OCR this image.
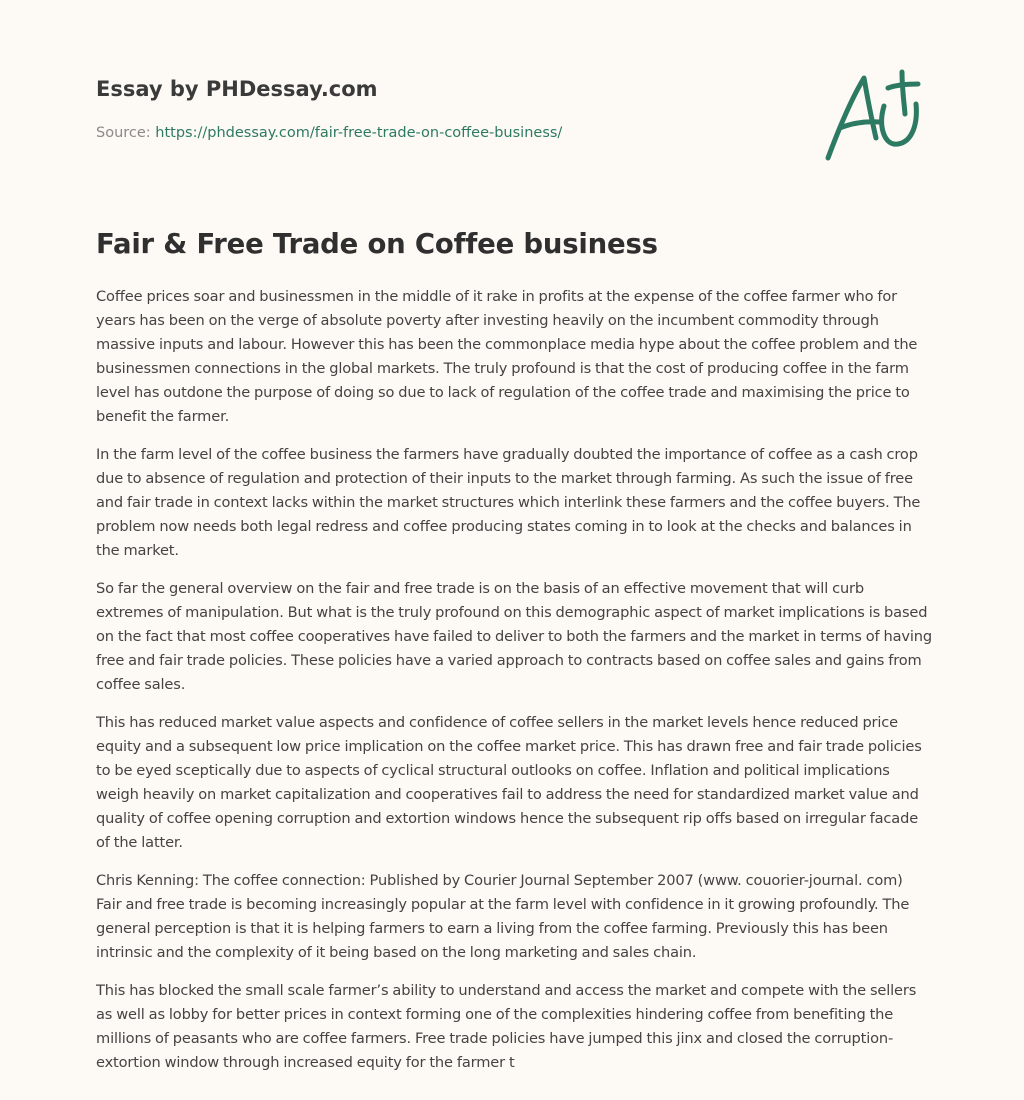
Essay by PHDessay.com
Source: https://phdessay.com/fair-free-trade-on-coffee-business/
Fair & Free Trade on Coffee business

Coffee prices soar and businessmen in the middle of it rake in profits at the expense of the coffee farmer who for years has been on the verge of absolute poverty after investing heavily on the incumbent commodity through massive inputs and labour. However this has been the commonplace media hype about the coffee problem and the businessmen connections in the global markets. The truly profound is that the cost of producing coffee in the farm level has outdone the purpose of doing so due to lack of regulation of the coffee trade and maximising the price to benefit the farmer.

In the farm level of the coffee business the farmers have gradually doubted the importance of coffee as a cash crop due to absence of regulation and protection of their inputs to the market through farming. As such the issue of free and fair trade in context lacks within the market structures which interlink these farmers and the coffee buyers. The problem now needs both legal redress and coffee producing states coming in to look at the checks and balances in the market.

So far the general overview on the fair and free trade is on the basis of an effective movement that will curb extremes of manipulation. But what is the truly profound on this demographic aspect of market implications is based on the fact that most coffee cooperatives have failed to deliver to both the farmers and the market in terms of having free and fair trade policies. These policies have a varied approach to contracts based on coffee sales and gains from coffee sales.

This has reduced market value aspects and confidence of coffee sellers in the market levels hence reduced price equity and a subsequent low price implication on the coffee market price. This has drawn free and fair trade policies to be eyed sceptically due to aspects of cyclical structural outlooks on coffee. Inflation and political implications weigh heavily on market capitalization and cooperatives fail to address the need for standardized market value and quality of coffee opening corruption and extortion windows hence the subsequent rip offs based on irregular facade of the latter.

Chris Kenning: The coffee connection: Published by Courier Journal September 2007 (www. couorier-journal. com) Fair and free trade is becoming increasingly popular at the farm level with confidence in it growing profoundly. The general perception is that it is helping farmers to earn a living from the coffee farming. Previously this has been intrinsic and the complexity of it being based on the long marketing and sales chain.

This has blocked the small scale farmer’s ability to understand and access the market and compete with the sellers as well as lobby for better prices in context forming one of the complexities hindering coffee from benefiting the millions of peasants who are coffee farmers. Free trade policies have jumped this jinx and closed the corruption-extortion window through increased equity for the farmer t
